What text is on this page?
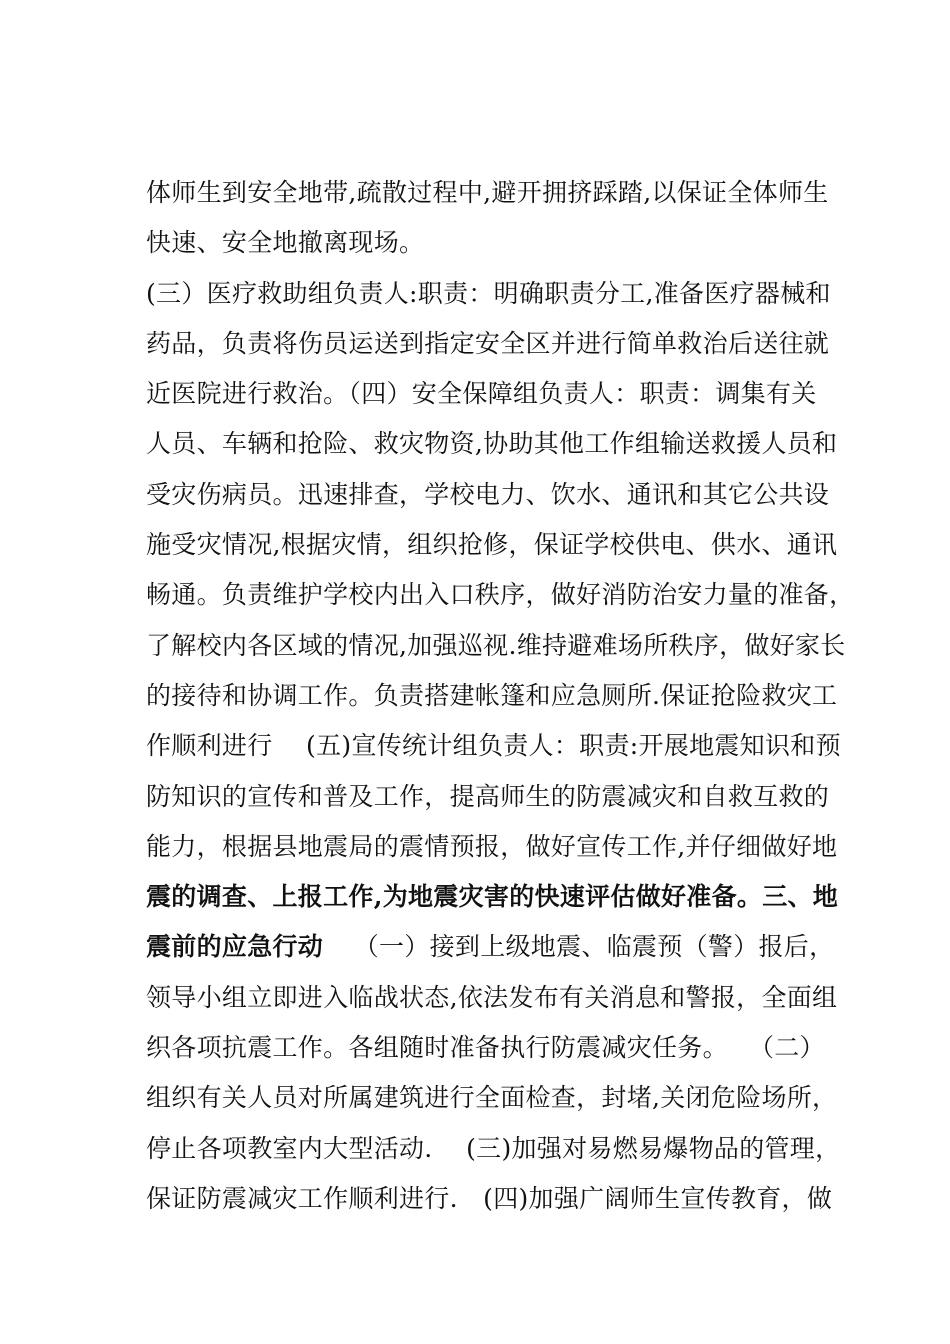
体师生到安全地带,疏散过程中,避开拥挤踩踏,以保证全体师生
快速、安全地撤离现场。
(三）医疗救助组负责人:职责：明确职责分工,准备医疗器械和
药品，负责将伤员运送到指定安全区并进行简单救治后送往就
近医院进行救治。（四）安全保障组负责人：职责：调集有关
人员、车辆和抢险、救灾物资,协助其他工作组输送救援人员和
受灾伤病员。迅速排查，学校电力、饮水、通讯和其它公共设
施受灾情况,根据灾情，组织抢修，保证学校供电、供水、通讯
畅通。负责维护学校内出入口秩序，做好消防治安力量的准备，
了解校内各区域的情况,加强巡视.维持避难场所秩序，做好家长
的接待和协调工作。负责搭建帐篷和应急厕所.保证抢险救灾工
作顺利进行　 (五)宣传统计组负责人：职责:开展地震知识和预
防知识的宣传和普及工作，提高师生的防震减灾和自救互救的
能力，根据县地震局的震情预报，做好宣传工作,并仔细做好地
震的调查、上报工作,为地震灾害的快速评估做好准备。三、地
震前的应急行动　  （一）接到上级地震、临震预（警）报后，
领导小组立即进入临战状态,依法发布有关消息和警报，全面组
织各项抗震工作。各组随时准备执行防震减灾任务。　 （二）
组织有关人员对所属建筑进行全面检查，封堵,关闭危险场所，
停止各项教室内大型活动.　 (三)加强对易燃易爆物品的管理，
保证防震减灾工作顺利进行.　(四)加强广阔师生宣传教育，做
